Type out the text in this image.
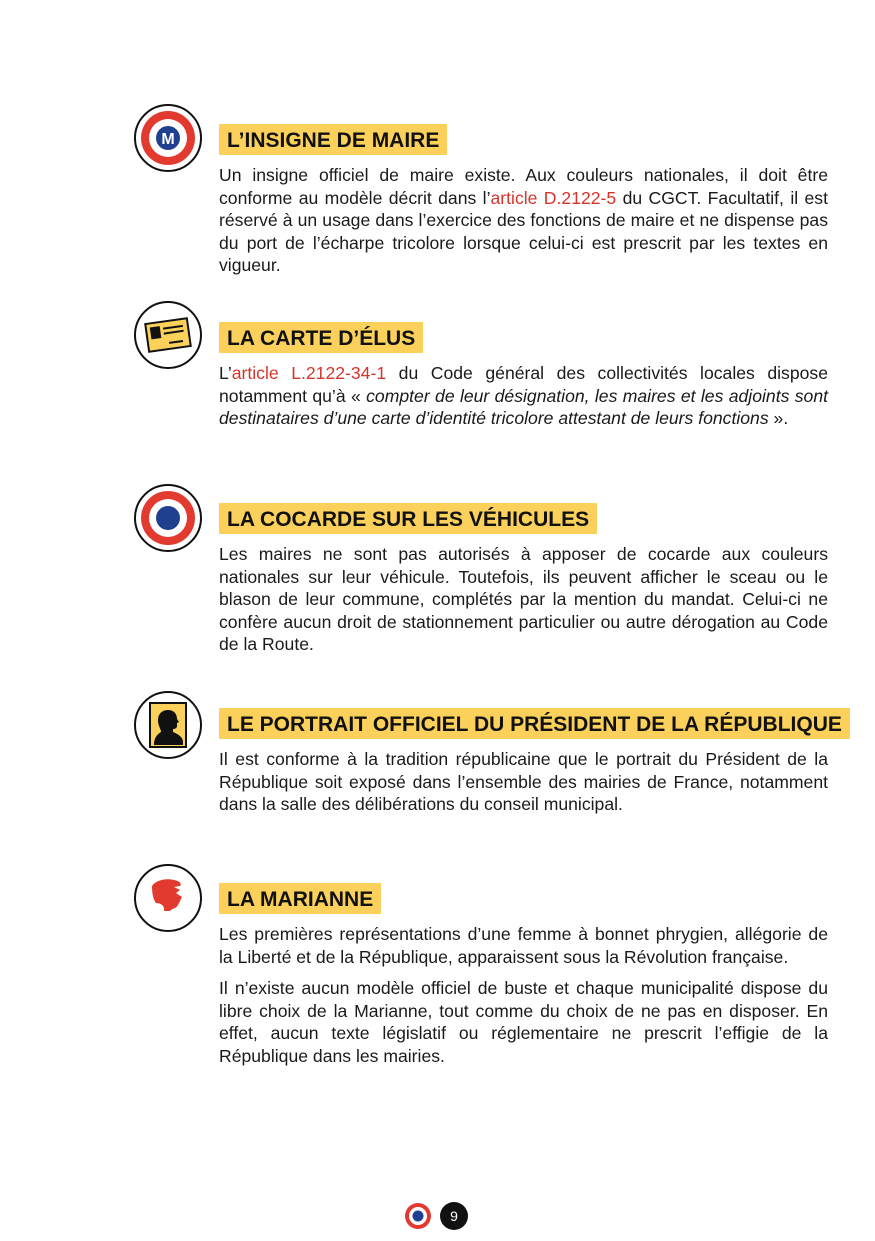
M	L’INSIGNE DE MAIRE

Un insigne officiel de maire existe. Aux couleurs nationales, il doit être conforme au modèle décrit dans l’article D.2122-5 du CGCT. Facultatif, il est réservé à un usage dans l’exercice des fonctions de maire et ne dispense pas du port de l’écharpe tricolore lorsque celui-ci est prescrit par les textes en vigueur.

LA CARTE D’ÉLUS

L’article L.2122-34-1 du Code général des collectivités locales dispose notamment qu’à « compter de leur désignation, les maires et les adjoints sont destinataires d’une carte d’identité tricolore attestant de leurs fonctions ».

LA COCARDE SUR LES VÉHICULES

Les maires ne sont pas autorisés à apposer de cocarde aux couleurs nationales sur leur véhicule. Toutefois, ils peuvent afficher le sceau ou le blason de leur commune, complétés par la mention du mandat. Celui-ci ne confère aucun droit de stationnement particulier ou autre dérogation au Code de la Route.

LE PORTRAIT OFFICIEL DU PRÉSIDENT DE LA RÉPUBLIQUE

Il est conforme à la tradition républicaine que le portrait du Président de la République soit exposé dans l’ensemble des mairies de France, notamment dans la salle des délibérations du conseil municipal.

LA MARIANNE

Les premières représentations d’une femme à bonnet phrygien, allégorie de la Liberté et de la République, apparaissent sous la Révolution française.

Il n’existe aucun modèle officiel de buste et chaque municipalité dispose du libre choix de la Marianne, tout comme du choix de ne pas en disposer. En effet, aucun texte législatif ou réglementaire ne prescrit l’effigie de la République dans les mairies.

9
